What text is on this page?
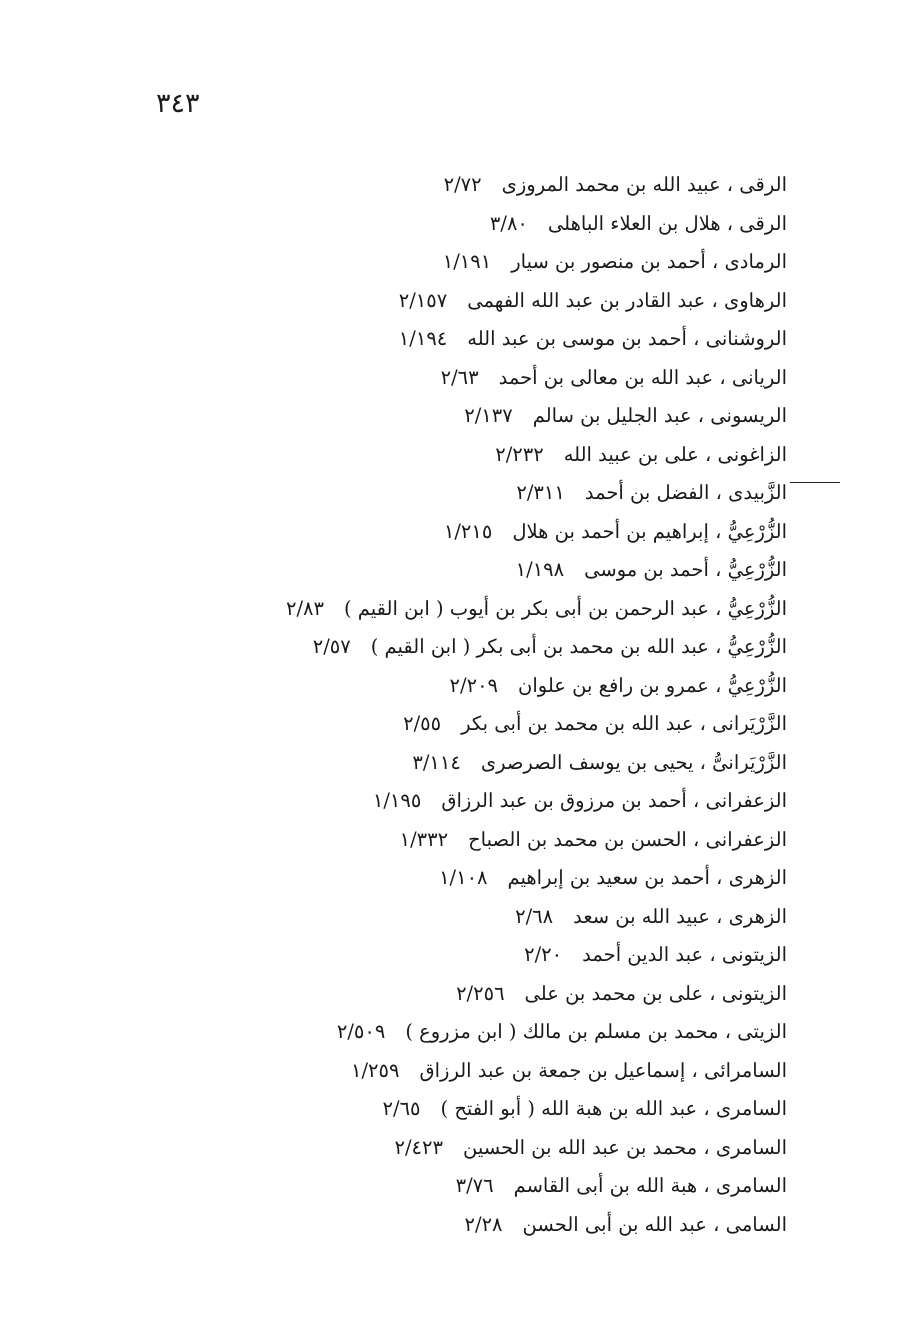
٣٤٣
الرقى ، عبيد الله بن محمد المروزى٢/٧٢
الرقى ، هلال بن العلاء الباهلى٣/٨٠
الرمادى ، أحمد بن منصور بن سيار١/١٩١
الرهاوى ، عبد القادر بن عبد الله الفهمى٢/١٥٧
الروشنانى ، أحمد بن موسى بن عبد الله١/١٩٤
الريانى ، عبد الله بن معالى بن أحمد٢/٦٣
الريسونى ، عبد الجليل بن سالم٢/١٣٧
الزاغونى ، على بن عبيد الله٢/٢٣٢
الزَّبيدى ، الفضل بن أحمد٢/٣١١
الزُّرْعِيُّ ، إبراهيم بن أحمد بن هلال١/٢١٥
الزُّرْعِيُّ ، أحمد بن موسى١/١٩٨
الزُّرْعِيُّ ، عبد الرحمن بن أبى بكر بن أيوب ( ابن القيم )٢/٨٣
الزُّرْعِيُّ ، عبد الله بن محمد بن أبى بكر ( ابن القيم )٢/٥٧
الزُّرْعِيُّ ، عمرو بن رافع بن علوان٢/٢٠٩
الزَّرْيَرانى ، عبد الله بن محمد بن أبى بكر٢/٥٥
الزَّرْيَرانىُّ ، يحيى بن يوسف الصرصرى٣/١١٤
الزعفرانى ، أحمد بن مرزوق بن عبد الرزاق١/١٩٥
الزعفرانى ، الحسن بن محمد بن الصباح١/٣٣٢
الزهرى ، أحمد بن سعيد بن إبراهيم١/١٠٨
الزهرى ، عبيد الله بن سعد٢/٦٨
الزيتونى ، عبد الدين أحمد٢/٢٠
الزيتونى ، على بن محمد بن على٢/٢٥٦
الزيتى ، محمد بن مسلم بن مالك ( ابن مزروع )٢/٥٠٩
السامرائى ، إسماعيل بن جمعة بن عبد الرزاق١/٢٥٩
السامرى ، عبد الله بن هبة الله ( أبو الفتح )٢/٦٥
السامرى ، محمد بن عبد الله بن الحسين٢/٤٢٣
السامرى ، هبة الله بن أبى القاسم٣/٧٦
السامى ، عبد الله بن أبى الحسن٢/٢٨
